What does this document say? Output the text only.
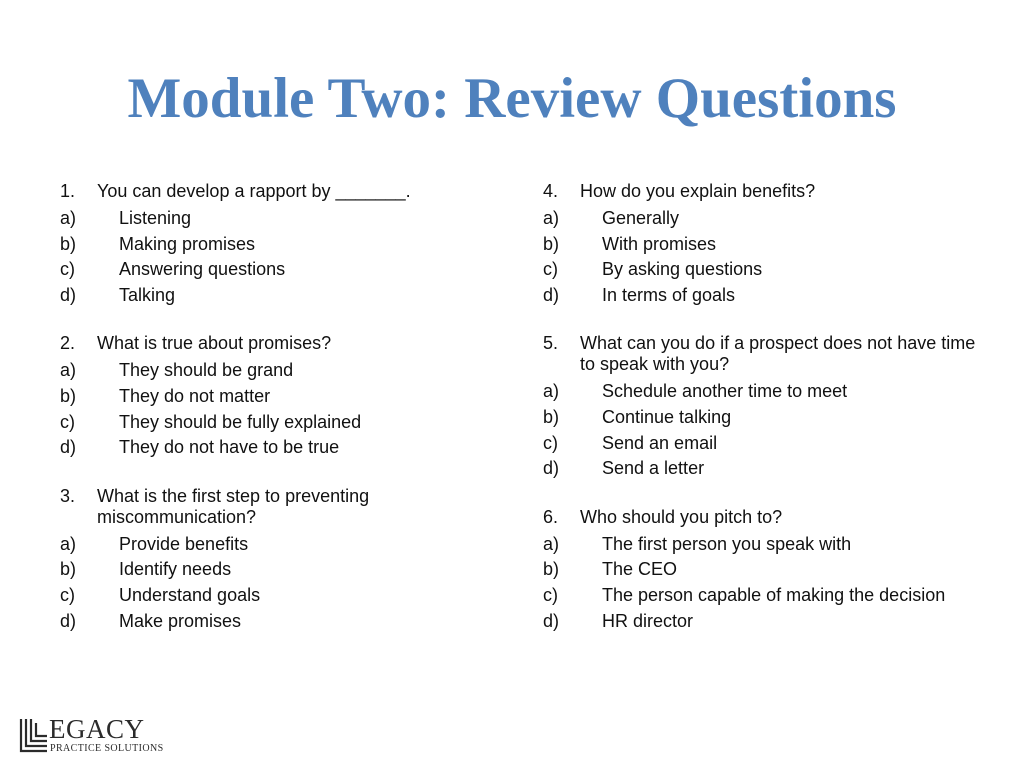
Module Two: Review Questions
1.	You can develop a rapport by _______.
a)	Listening
b)	Making promises
c)	Answering questions
d)	Talking
2.	What is true about promises?
a)	They should be grand
b)	They do not matter
c)	They should be fully explained
d)	They do not have to be true
3.	What is the first step to preventing miscommunication?
a)	Provide benefits
b)	Identify needs
c)	Understand goals
d)	Make promises
4.	How do you explain benefits?
a)	Generally
b)	With promises
c)	By asking questions
d)	In terms of goals
5.	What can you do if a prospect does not have time to speak with you?
a)	Schedule another time to meet
b)	Continue talking
c)	Send an email
d)	Send a letter
6.	Who should you pitch to?
a)	The first person you speak with
b)	The CEO
c)	The person capable of making the decision
d)	HR director
EGACY
PRACTICE SOLUTIONS
